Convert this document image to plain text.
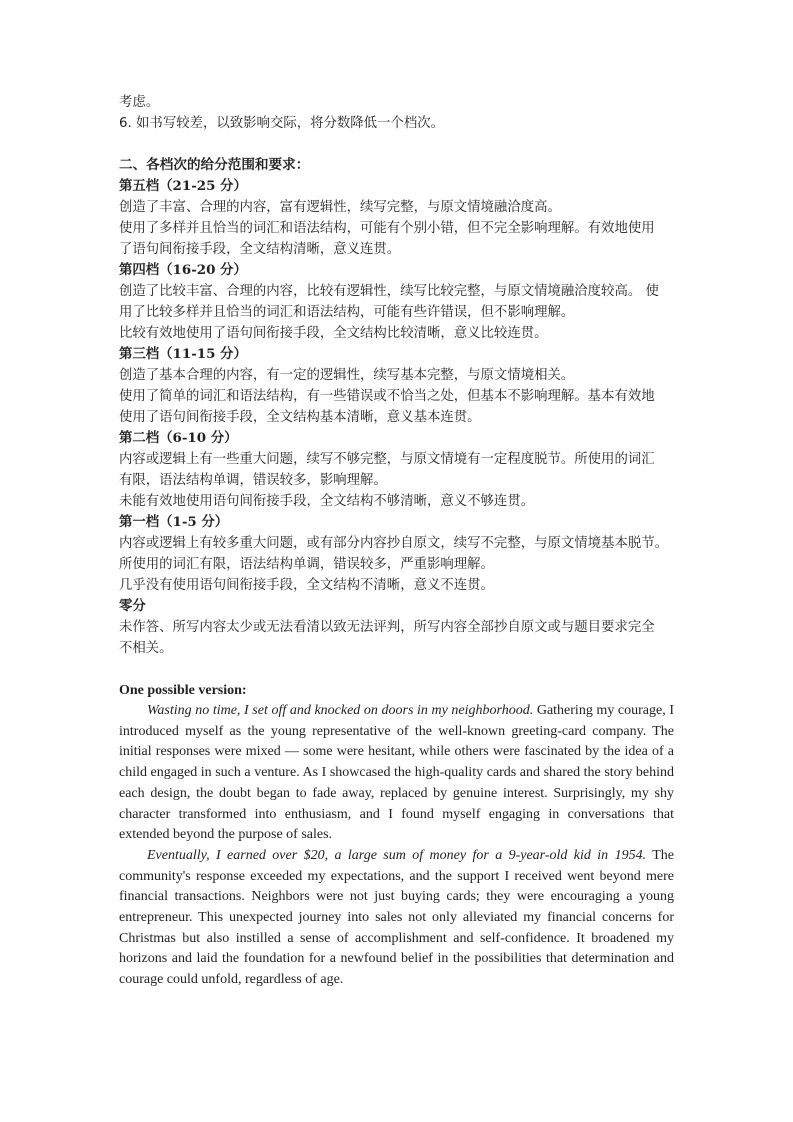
考虑。

6. 如书写较差，以致影响交际，将分数降低一个档次。

二、各档次的给分范围和要求：

第五档（21-25 分）

创造了丰富、合理的内容，富有逻辑性，续写完整，与原文情境融洽度高。

使用了多样并且恰当的词汇和语法结构，可能有个别小错，但不完全影响理解。有效地使用

了语句间衔接手段，全文结构清晰，意义连贯。

第四档（16-20 分）

创造了比较丰富、合理的内容，比较有逻辑性，续写比较完整，与原文情境融洽度较高。 使

用了比较多样并且恰当的词汇和语法结构，可能有些许错误，但不影响理解。

比较有效地使用了语句间衔接手段，全文结构比较清晰，意义比较连贯。

第三档（11-15 分）

创造了基本合理的内容，有一定的逻辑性，续写基本完整，与原文情境相关。

使用了简单的词汇和语法结构，有一些错误或不恰当之处，但基本不影响理解。基本有效地

使用了语句间衔接手段，全文结构基本清晰，意义基本连贯。

第二档（6-10 分）

内容或逻辑上有一些重大问题，续写不够完整，与原文情境有一定程度脱节。所使用的词汇

有限，语法结构单调，错误较多，影响理解。

未能有效地使用语句间衔接手段，全文结构不够清晰，意义不够连贯。

第一档（1-5 分）

内容或逻辑上有较多重大问题，或有部分内容抄自原文，续写不完整，与原文情境基本脱节。

所使用的词汇有限，语法结构单调，错误较多，严重影响理解。

几乎没有使用语句间衔接手段，全文结构不清晰，意义不连贯。

零分

未作答、所写内容太少或无法看清以致无法评判，所写内容全部抄自原文或与题目要求完全

不相关。

One possible version:

Wasting no time, I set off and knocked on doors in my neighborhood. Gathering my courage, I introduced myself as the young representative of the well-known greeting-card company. The initial responses were mixed — some were hesitant, while others were fascinated by the idea of a child engaged in such a venture. As I showcased the high-quality cards and shared the story behind each design, the doubt began to fade away, replaced by genuine interest. Surprisingly, my shy character transformed into enthusiasm, and I found myself engaging in conversations that extended beyond the purpose of sales.

Eventually, I earned over $20, a large sum of money for a 9-year-old kid in 1954. The community's response exceeded my expectations, and the support I received went beyond mere financial transactions. Neighbors were not just buying cards; they were encouraging a young entrepreneur. This unexpected journey into sales not only alleviated my financial concerns for Christmas but also instilled a sense of accomplishment and self-confidence. It broadened my horizons and laid the foundation for a newfound belief in the possibilities that determination and courage could unfold, regardless of age.
